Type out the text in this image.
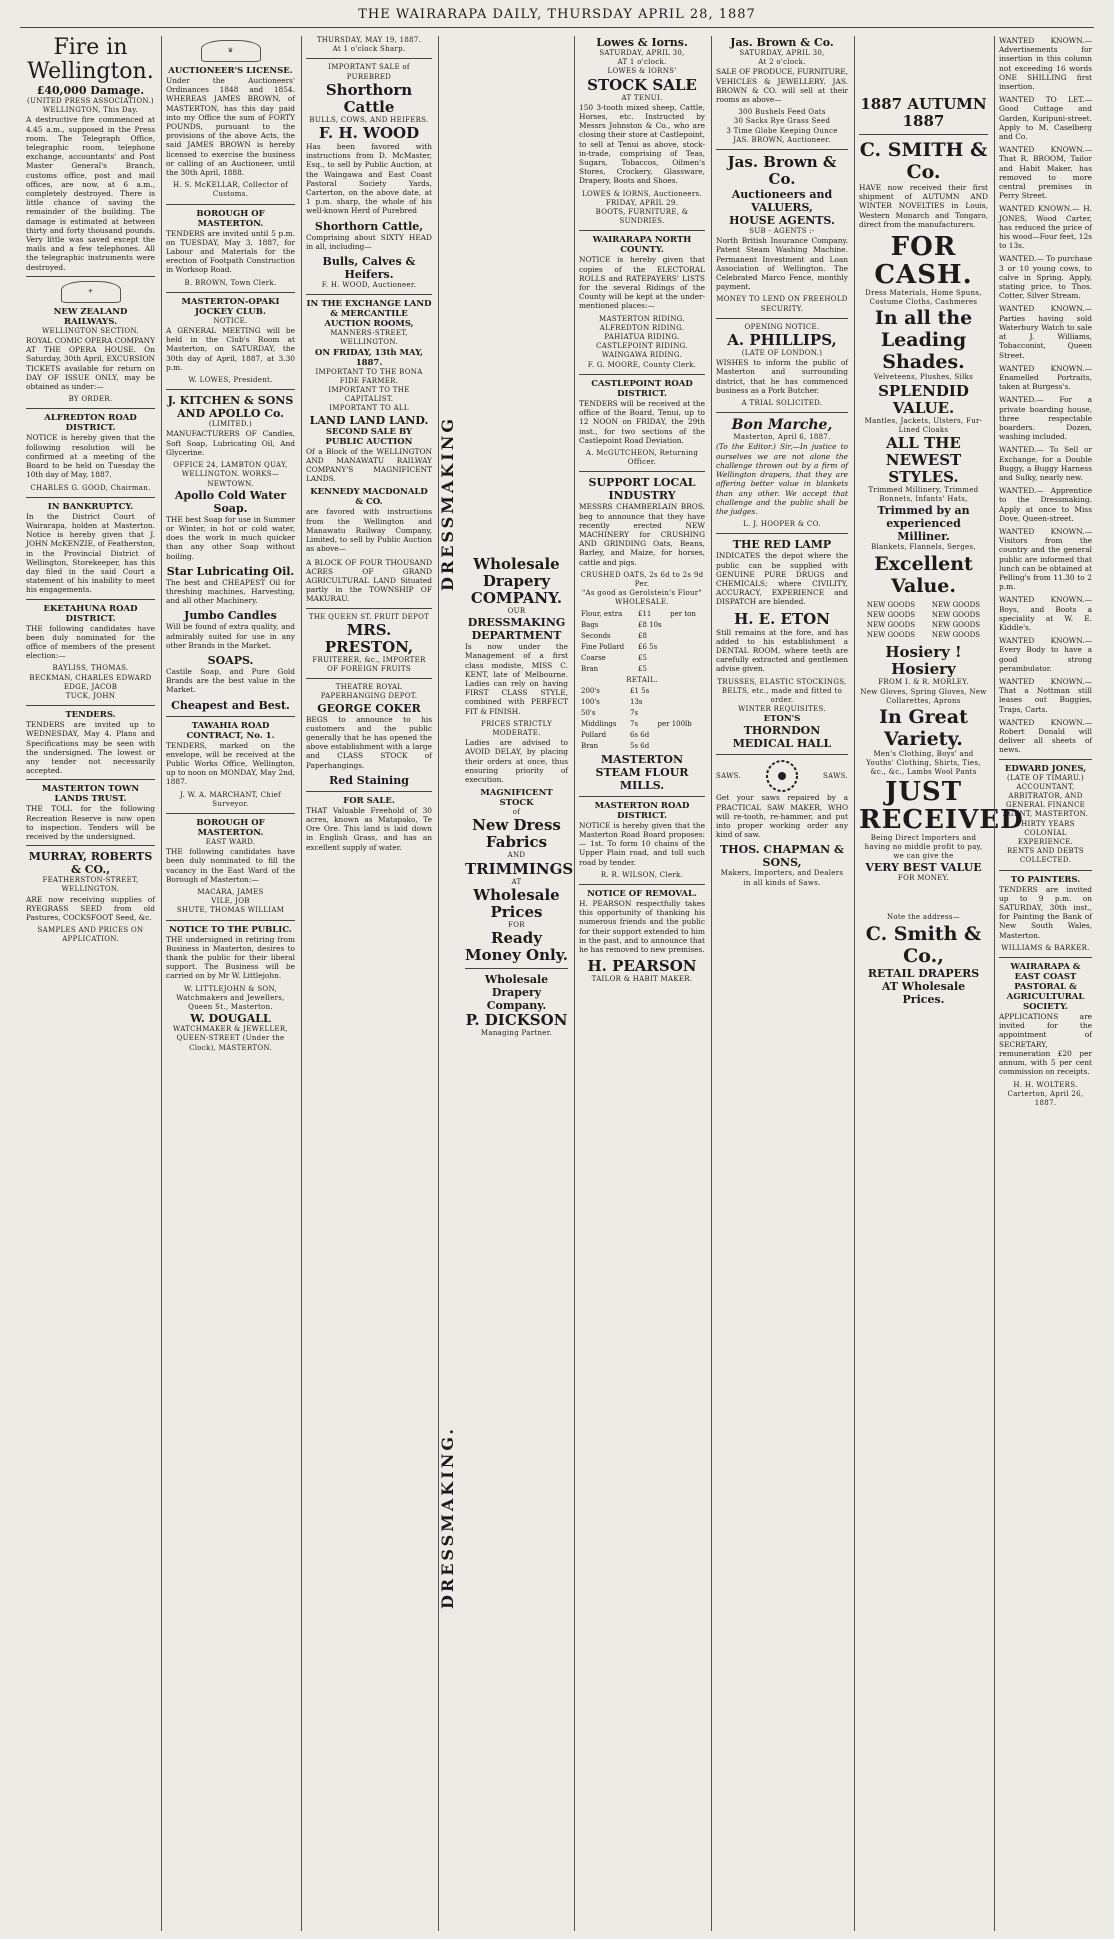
THE WAIRARAPA DAILY, THURSDAY APRIL 28, 1887
Fire in Wellington.
£40,000 Damage.
(UNITED PRESS ASSOCIATION.)
WELLINGTON, This Day.
A destructive fire commenced at 4.45 a.m., supposed in the Press room. The Telegraph Office, telegraphic room, telephone exchange, accountants' and Post Master General's Branch, customs office, post and mail offices, are now, at 6 a.m., completely destroyed. There is little chance of saving the remainder of the building. The damage is estimated at between thirty and forty thousand pounds. Very little was saved except the mails and a few telephones. All the telegraphic instruments were destroyed.
⚜
NEW ZEALAND RAILWAYS.
WELLINGTON SECTION.
ROYAL COMIC OPERA COMPANY AT THE OPERA HOUSE. On Saturday, 30th April, EXCURSION TICKETS available for return on DAY OF ISSUE ONLY, may be obtained as under:—
BY ORDER.
ALFREDTON ROAD DISTRICT.
NOTICE is hereby given that the following resolution will be confirmed at a meeting of the Board to be held on Tuesday the 10th day of May, 1887.
CHARLES G. GOOD, Chairman.
IN BANKRUPTCY.
In the District Court of Wairarapa, holden at Masterton. Notice is hereby given that J. JOHN McKENZIE, of Featherston, in the Provincial District of Wellington, Storekeeper, has this day filed in the said Court a statement of his inability to meet his engagements.
EKETAHUNA ROAD DISTRICT.
THE following candidates have been duly nominated for the office of members of the present election:—
BAYLISS, THOMAS.
BECKMAN, CHARLES EDWARD
EDGE, JACOB
TUCK, JOHN
TENDERS.
TENDERS are invited up to WEDNESDAY, May 4. Plans and Specifications may be seen with the undersigned. The lowest or any tender not necessarily accepted.
MASTERTON TOWN LANDS TRUST.
THE TOLL for the following Recreation Reserve is now open to inspection. Tenders will be received by the undersigned.
MURRAY, ROBERTS & CO.,
FEATHERSTON-STREET, WELLINGTON.
ARE now receiving supplies of RYEGRASS SEED from old Pastures, COCKSFOOT Seed, &c.
SAMPLES AND PRICES ON APPLICATION.
♛
AUCTIONEER'S LICENSE.
Under the Auctioneers' Ordinances 1848 and 1854. WHEREAS JAMES BROWN, of MASTERTON, has this day paid into my Office the sum of FORTY POUNDS, pursuant to the provisions of the above Acts, the said JAMES BROWN is hereby licensed to exercise the business or calling of an Auctioneer, until the 30th April, 1888.
H. S. McKELLAR, Collector of Customs.
BOROUGH OF MASTERTON.
TENDERS are invited until 5 p.m. on TUESDAY, May 3, 1887, for Labour and Materials for the erection of Footpath Construction in Worksop Road.
B. BROWN, Town Clerk.
MASTERTON-OPAKI JOCKEY CLUB.
NOTICE.
A GENERAL MEETING will be held in the Club's Room at Masterton, on SATURDAY, the 30th day of April, 1887, at 3.30 p.m.
W. LOWES, President.
J. KITCHEN & SONS AND APOLLO Co.
(LIMITED.)
MANUFACTURERS OF Candles, Soft Soap, Lubricating Oil, And Glycerine.
OFFICE 24, LAMBTON QUAY, WELLINGTON. WORKS—NEWTOWN.
Apollo Cold Water Soap.
THE best Soap for use in Summer or Winter, in hot or cold water, does the work in much quicker than any other Soap without boiling.
Star Lubricating Oil.
The best and CHEAPEST Oil for threshing machines, Harvesting, and all other Machinery.
Jumbo Candles
Will be found of extra quality, and admirably suited for use in any other Brands in the Market.
SOAPS.
Castile Soap, and Pure Gold Brands are the best value in the Market.
Cheapest and Best.
TAWAHIA ROAD CONTRACT, No. 1.
TENDERS, marked on the envelope, will be received at the Public Works Office, Wellington, up to noon on MONDAY, May 2nd, 1887.
J. W. A. MARCHANT, Chief Surveyor.
BOROUGH OF MASTERTON.
EAST WARD.
THE following candidates have been duly nominated to fill the vacancy in the East Ward of the Borough of Masterton:—
MACARA, JAMES
VILE, JOB
SHUTE, THOMAS WILLIAM
NOTICE TO THE PUBLIC.
THE undersigned in retiring from Business in Masterton, desires to thank the public for their liberal support. The Business will be carried on by Mr W. Littlejohn.
W. LITTLEJOHN & SON, Watchmakers and Jewellers, Queen St., Masterton.
W. DOUGALL
WATCHMAKER & JEWELLER, QUEEN-STREET (Under the Clock), MASTERTON.
THURSDAY, MAY 19, 1887.
At 1 o'clock Sharp.
IMPORTANT SALE of PUREBRED
Shorthorn Cattle
BULLS, COWS, AND HEIFERS.
F. H. WOOD
Has been favored with instructions from D. McMaster, Esq., to sell by Public Auction, at the Waingawa and East Coast Pastoral Society Yards, Carterton, on the above date, at 1 p.m. sharp, the whole of his well-known Herd of Purebred
Shorthorn Cattle,
Comprising about SIXTY HEAD in all, including—
Bulls, Calves & Heifers.
F. H. WOOD, Auctioneer.
IN THE EXCHANGE LAND & MERCANTILE AUCTION ROOMS,
MANNERS-STREET, WELLINGTON.
ON FRIDAY, 13th MAY, 1887.
IMPORTANT TO THE BONA FIDE FARMER.
IMPORTANT TO THE CAPITALIST.
IMPORTANT TO ALL
LAND LAND LAND.
SECOND SALE BY PUBLIC AUCTION
Of a Block of the WELLINGTON AND MANAWATU RAILWAY COMPANY'S MAGNIFICENT LANDS.
KENNEDY MACDONALD & CO.
are favored with instructions from the Wellington and Manawatu Railway Company, Limited, to sell by Public Auction as above—
A BLOCK OF FOUR THOUSAND ACRES OF GRAND AGRICULTURAL LAND Situated partly in the TOWNSHIP OF MAKURAU.
THE QUEEN ST. FRUIT DEPOT
MRS. PRESTON,
FRUITERER, &c., IMPORTER OF FOREIGN FRUITS
THEATRE ROYAL PAPERHANGING DEPOT.
GEORGE COKER
BEGS to announce to his customers and the public generally that he has opened the above establishment with a large and CLASS STOCK of Paperhangings.
Red Staining
FOR SALE.
THAT Valuable Freehold of 30 acres, known as Matapako, Te Ore Ore. This land is laid down in English Grass, and has an excellent supply of water.
DRESSMAKING
DRESSMAKING.
Wholesale Drapery COMPANY.
OUR
DRESSMAKING DEPARTMENT
Is now under the Management of a first class modiste, MISS C. KENT, late of Melbourne. Ladies can rely on having FIRST CLASS STYLE, combined with PERFECT FIT & FINISH.
PRICES STRICTLY MODERATE.
Ladies are advised to AVOID DELAY, by placing their orders at once, thus ensuring priority of execution.
MAGNIFICENT STOCK
of
New Dress Fabrics
AND
TRIMMINGS
AT
Wholesale Prices
FOR
Ready Money Only.
Wholesale Drapery Company.
P. DICKSON
Managing Partner.
Lowes & Iorns.
SATURDAY, APRIL 30,
AT 1 o'clock.
LOWES & IORNS'
STOCK SALE
AT TENUI.
150 3-tooth mixed sheep, Cattle, Horses, etc. Instructed by Messrs Johnston & Co., who are closing their store at Castlepoint, to sell at Tenui as above, stock-in-trade, comprising of Teas, Sugars, Tobaccos, Oilmen's Stores, Crockery, Glassware, Drapery, Boots and Shoes.
LOWES & IORNS, Auctioneers.
FRIDAY, APRIL 29.
BOOTS, FURNITURE, & SUNDRIES.
WAIRARAPA NORTH COUNTY.
NOTICE is hereby given that copies of the ELECTORAL ROLLS and RATEPAYERS' LISTS for the several Ridings of the County will be kept at the under-mentioned places:—
MASTERTON RIDING.
ALFREDTON RIDING.
PAHIATUA RIDING.
CASTLEPOINT RIDING.
WAINGAWA RIDING.
F. G. MOORE, County Clerk.
CASTLEPOINT ROAD DISTRICT.
TENDERS will be received at the office of the Board, Tenui, up to 12 NOON on FRIDAY, the 29th inst., for two sections of the Castlepoint Road Deviation.
A. McGUTCHEON, Returning Officer.
SUPPORT LOCAL INDUSTRY
MESSRS CHAMBERLAIN BROS. beg to announce that they have recently erected NEW MACHINERY for CRUSHING AND GRINDING Oats, Beans, Barley, and Maize, for horses, cattle and pigs.
CRUSHED OATS, 2s 6d to 2s 9d Per.
"As good as Gerolstein's Flour"
WHOLESALE.
Flour, extra	£11	per ton
Bags	£8 10s	
Seconds	£8	
Fine Pollard	£6 5s	
Coarse	£5	
Bran	£5	
RETAIL.
200's	£1 5s	
100's	13s	
50's	7s	
Middlings	7s	per 100lb
Pollard	6s 6d	
Bran	5s 6d	
MASTERTON STEAM FLOUR MILLS.
MASTERTON ROAD DISTRICT.
NOTICE is hereby given that the Masterton Road Board proposes:— 1st. To form 10 chains of the Upper Plain road, and toll such road by tender.
R. R. WILSON, Clerk.
NOTICE OF REMOVAL.
H. PEARSON respectfully takes this opportunity of thanking his numerous friends and the public for their support extended to him in the past, and to announce that he has removed to new premises.
H. PEARSON
TAILOR & HABIT MAKER.
Jas. Brown & Co.
SATURDAY, APRIL 30,
At 2 o'clock.
SALE OF PRODUCE, FURNITURE, VEHICLES & JEWELLERY. JAS. BROWN & CO. will sell at their rooms as above—
300 Bushels Feed Oats
30 Sacks Rye Grass Seed
3 Time Globe Keeping Ounce
JAS. BROWN, Auctioneer.
Jas. Brown & Co.
Auctioneers and VALUERS,
HOUSE AGENTS.
SUB - AGENTS :-
North British Insurance Company. Patent Steam Washing Machine. Permanent Investment and Loan Association of Wellington. The Celebrated Marco Fence, monthly payment.
MONEY TO LEND ON FREEHOLD SECURITY.
OPENING NOTICE.
A. PHILLIPS,
(LATE OF LONDON.)
WISHES to inform the public of Masterton and surrounding district, that he has commenced business as a Pork Butcher.
A TRIAL SOLICITED.
Bon Marche,
Masterton, April 6, 1887.
(To the Editor.) Sir,—In justice to ourselves we are not alone the challenge thrown out by a firm of Wellington drapers, that they are offering better value in blankets than any other. We accept that challenge and the public shall be the judges.
L. J. HOOPER & CO.
THE RED LAMP
INDICATES the depot where the public can be supplied with GENUINE PURE DRUGS and CHEMICALS; where CIVILITY, ACCURACY, EXPERIENCE and DISPATCH are blended.
H. E. ETON
Still remains at the fore, and has added to his establishment a DENTAL ROOM, where teeth are carefully extracted and gentlemen advise given.
TRUSSES, ELASTIC STOCKINGS, BELTS, etc., made and fitted to order.
WINTER REQUISITES.
ETON'S
THORNDON MEDICAL HALL
SAWS.	SAWS.
Get your saws repaired by a PRACTICAL SAW MAKER, WHO will re-tooth, re-hammer, and put into proper working order any kind of saw.
THOS. CHAPMAN & SONS,
Makers, Importers, and Dealers in all kinds of Saws.
1887 AUTUMN 1887
C. SMITH & Co.
HAVE now received their first shipment of AUTUMN AND WINTER NOVELTIES in Louis, Western Monarch and Tongaro, direct from the manufacturers.
FOR CASH.
Dress Materials, Home Spuns, Costume Cloths, Cashmeres
In all the Leading Shades.
Velveteens, Plushes, Silks
SPLENDID VALUE.
Mantles, Jackets, Ulsters, Fur-Lined Cloaks
ALL THE NEWEST STYLES.
Trimmed Millinery, Trimmed Bonnets, Infants' Hats,
Trimmed by an experienced Milliner.
Blankets, Flannels, Serges,
Excellent Value.
NEW GOODS	NEW GOODS
NEW GOODS	NEW GOODS
NEW GOODS	NEW GOODS
NEW GOODS	NEW GOODS
Hosiery ! Hosiery
FROM I. & R. MORLEY.
New Gloves, Spring Gloves, New Collarettes, Aprons
In Great Variety.
Men's Clothing, Boys' and Youths' Clothing, Shirts, Ties, &c., &c., Lambs Wool Pants
JUST RECEIVED
Being Direct Importers and having no middle profit to pay, we can give the
VERY BEST VALUE
FOR MONEY.
Note the address—
C. Smith & Co.,
RETAIL DRAPERS AT Wholesale Prices.
WANTED KNOWN.— Advertisements for insertion in this column not exceeding 16 words ONE SHILLING first insertion.
WANTED TO LET.— Good Cottage and Garden, Kuripuni-street. Apply to M. Caselberg and Co.
WANTED KNOWN.— That R. BROOM, Tailor and Habit Maker, has removed to more central premises in Perry Street.
WANTED KNOWN.— H. JONES, Wood Carter, has reduced the price of his wood—Four feet, 12s to 13s.
WANTED.— To purchase 3 or 10 young cows, to calve in Spring. Apply, stating price, to Thos. Cotter, Silver Stream.
WANTED KNOWN.— Parties having sold Waterbury Watch to sale at J. Williams, Tobacconist, Queen Street.
WANTED KNOWN.— Enamelled Portraits, taken at Burgess's.
WANTED.— For a private boarding house, three respectable boarders. Dozen, washing included.
WANTED.— To Sell or Exchange, for a Double Buggy, a Buggy Harness and Sulky, nearly new.
WANTED.— Apprentice to the Dressmaking. Apply at once to Miss Dove, Queen-street.
WANTED KNOWN.— Visitors from the country and the general public are informed that lunch can be obtained at Pelling's from 11.30 to 2 p.m.
WANTED KNOWN.— Boys, and Boots a speciality at W. E. Kiddle's.
WANTED KNOWN.— Every Body to have a good strong perambulator.
WANTED KNOWN.— That a Nottman still leases out Buggies, Traps, Carts.
WANTED KNOWN.— Robert Donald will deliver all sheets of news.
EDWARD JONES,
(LATE OF TIMARU.)
ACCOUNTANT, ARBITRATOR, AND GENERAL FINANCE AGENT, MASTERTON.
THIRTY YEARS COLONIAL EXPERIENCE.
RENTS AND DEBTS COLLECTED.
TO PAINTERS.
TENDERS are invited up to 9 p.m. on SATURDAY, 30th inst., for Painting the Bank of New South Wales, Masterton.
WILLIAMS & BARKER.
WAIRARAPA & EAST COAST PASTORAL & AGRICULTURAL SOCIETY.
APPLICATIONS are invited for the appointment of SECRETARY, remuneration £20 per annum, with 5 per cent commission on receipts.
H. H. WOLTERS. Carterton, April 26, 1887.
